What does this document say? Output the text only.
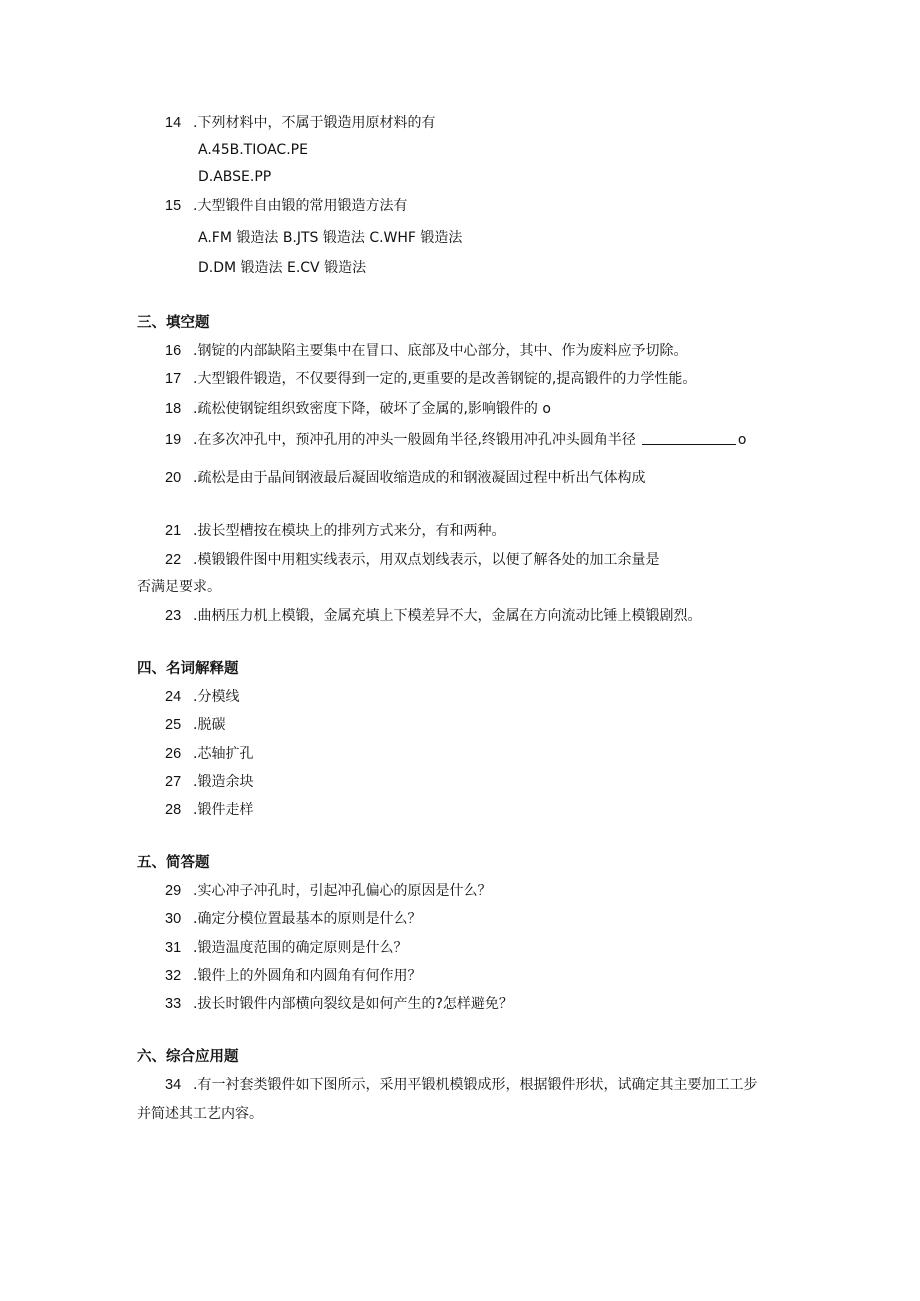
14 .下列材料中，不属于锻造用原材料的有
A.45B.TIOAC.PE
D.ABSE.PP
15 .大型锻件自由锻的常用锻造方法有
A.FM 锻造法 B.JTS 锻造法 C.WHF 锻造法
D.DM 锻造法 E.CV 锻造法
三、填空题
16 .钢锭的内部缺陷主要集中在冒口、底部及中心部分，其中、作为废料应予切除。
17 .大型锻件锻造，不仅要得到一定的,更重要的是改善钢锭的,提高锻件的力学性能。
18 .疏松使钢锭组织致密度下降，破坏了金属的,影响锻件的 o
19 .在多次冲孔中，预冲孔用的冲头一般圆角半径,终锻用冲孔冲头圆角半径	o
20 .疏松是由于晶间钢液最后凝固收缩造成的和钢液凝固过程中析出气体构成
21 .拔长型槽按在模块上的排列方式来分，有和两种。
22 .模锻锻件图中用粗实线表示，用双点划线表示，以便了解各处的加工余量是
否满足要求。
23 .曲柄压力机上模锻，金属充填上下模差异不大，金属在方向流动比锤上模锻剧烈。
四、名词解释题
24 .分模线
25 .脱碳
26 .芯轴扩孔
27 .锻造余块
28 .锻件走样
五、简答题
29 .实心冲子冲孔时，引起冲孔偏心的原因是什么？
30 .确定分模位置最基本的原则是什么？
31 .锻造温度范围的确定原则是什么？
32 .锻件上的外圆角和内圆角有何作用？
33 .拔长时锻件内部横向裂纹是如何产生的?怎样避免？
六、综合应用题
34 .有一衬套类锻件如下图所示，采用平锻机模锻成形，根据锻件形状，试确定其主要加工工步
并简述其工艺内容。
